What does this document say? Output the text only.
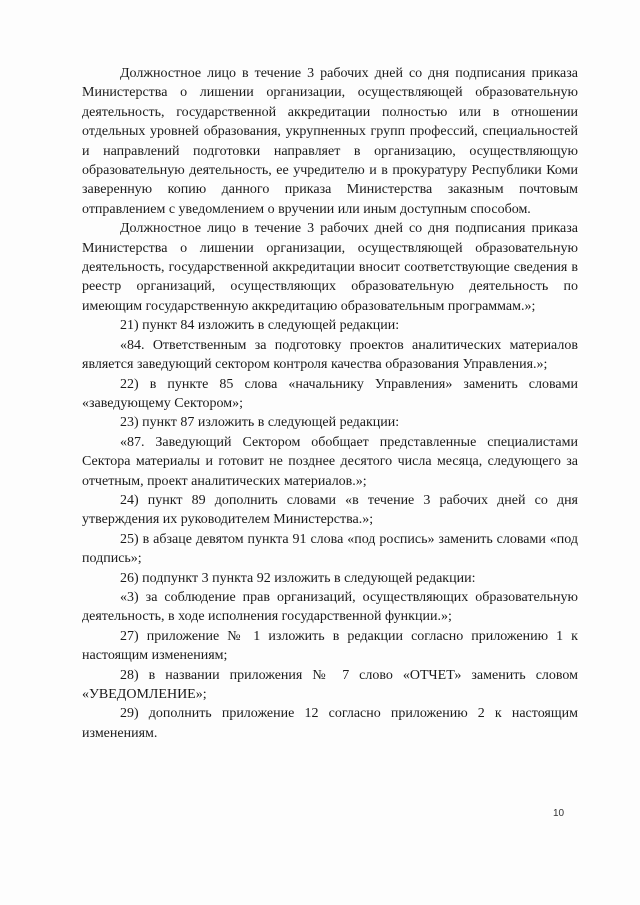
Должностное лицо в течение 3 рабочих дней со дня подписания приказа Министерства о лишении организации, осуществляющей образовательную деятельность, государственной аккредитации полностью или в отношении отдельных уровней образования, укрупненных групп профессий, специальностей и направлений подготовки направляет в организацию, осуществляющую образовательную деятельность, ее учредителю и в прокуратуру Республики Коми заверенную копию данного приказа Министерства заказным почтовым отправлением с уведомлением о вручении или иным доступным способом.

Должностное лицо в течение 3 рабочих дней со дня подписания приказа Министерства о лишении организации, осуществляющей образовательную деятельность, государственной аккредитации вносит соответствующие сведения в реестр организаций, осуществляющих образовательную деятельность по имеющим государственную аккредитацию образовательным программам.»;

21) пункт 84 изложить в следующей редакции:

«84. Ответственным за подготовку проектов аналитических материалов является заведующий сектором контроля качества образования Управления.»;

22) в пункте 85 слова «начальнику Управления» заменить словами «заведующему Сектором»;

23) пункт 87 изложить в следующей редакции:

«87. Заведующий Сектором обобщает представленные специалистами Сектора материалы и готовит не позднее десятого числа месяца, следующего за отчетным, проект аналитических материалов.»;

24) пункт 89 дополнить словами «в течение 3 рабочих дней со дня утверждения их руководителем Министерства.»;

25) в абзаце девятом пункта 91 слова «под роспись» заменить словами «под подпись»;

26) подпункт 3 пункта 92 изложить в следующей редакции:

«3) за соблюдение прав организаций, осуществляющих образовательную деятельность, в ходе исполнения государственной функции.»;

27) приложение № 1 изложить в редакции согласно приложению 1 к настоящим изменениям;

28) в названии приложения № 7 слово «ОТЧЕТ» заменить словом «УВЕДОМЛЕНИЕ»;

29) дополнить приложение 12 согласно приложению 2 к настоящим изменениям.

10
